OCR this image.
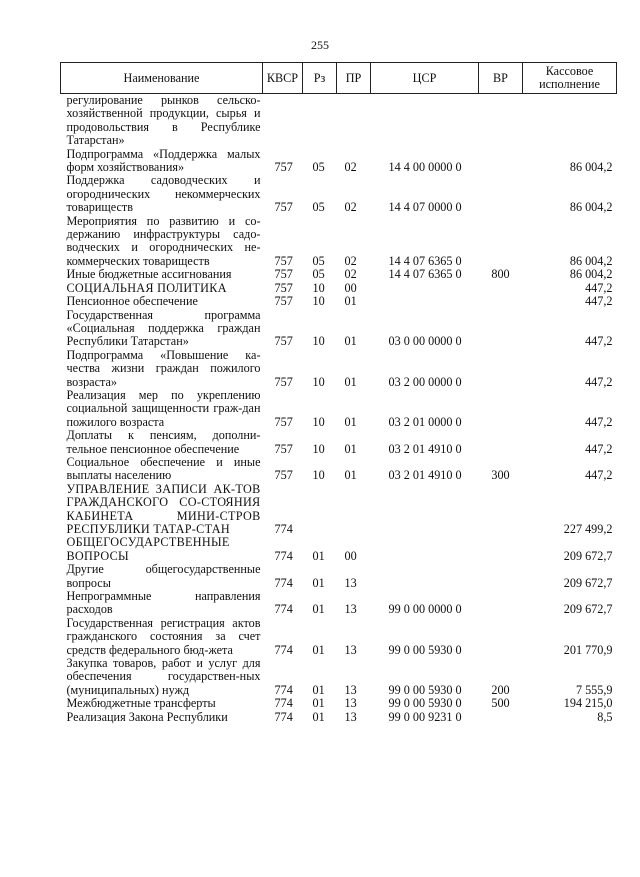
255
Наименование	КВСР	Рз	ПР	ЦСР	ВР	Кассовое исполнение
регулирование рынков сельско-хозяйственной продукции, сырья и продовольствия в Республике Татарстан»						
Подпрограмма «Поддержка малых форм хозяйствования»	757	05	02	14 4 00 0000 0		86 004,2
Поддержка садоводческих и огороднических некоммерческих товариществ	757	05	02	14 4 07 0000 0		86 004,2
Мероприятия по развитию и со-держанию инфраструктуры садо-водческих и огороднических не-коммерческих товариществ	757	05	02	14 4 07 6365 0		86 004,2
Иные бюджетные ассигнования	757	05	02	14 4 07 6365 0	800	86 004,2
СОЦИАЛЬНАЯ ПОЛИТИКА	757	10	00			447,2
Пенсионное обеспечение	757	10	01			447,2
Государственная программа «Социальная поддержка граждан Республики Татарстан»	757	10	01	03 0 00 0000 0		447,2
Подпрограмма «Повышение ка-чества жизни граждан пожилого возраста»	757	10	01	03 2 00 0000 0		447,2
Реализация мер по укреплению социальной защищенности граж-дан пожилого возраста	757	10	01	03 2 01 0000 0		447,2
Доплаты к пенсиям, дополни-тельное пенсионное обеспечение	757	10	01	03 2 01 4910 0		447,2
Социальное обеспечение и иные выплаты населению	757	10	01	03 2 01 4910 0	300	447,2
УПРАВЛЕНИЕ ЗАПИСИ АК-ТОВ ГРАЖДАНСКОГО СО-СТОЯНИЯ КАБИНЕТА МИНИ-СТРОВ РЕСПУБЛИКИ ТАТАР-СТАН	774					227 499,2
ОБЩЕГОСУДАРСТВЕННЫЕ ВОПРОСЫ	774	01	00			209 672,7
Другие общегосударственные вопросы	774	01	13			209 672,7
Непрограммные направления расходов	774	01	13	99 0 00 0000 0		209 672,7
Государственная регистрация актов гражданского состояния за счет средств федерального бюд-жета	774	01	13	99 0 00 5930 0		201 770,9
Закупка товаров, работ и услуг для обеспечения государствен-ных (муниципальных) нужд	774	01	13	99 0 00 5930 0	200	7 555,9
Межбюджетные трансферты	774	01	13	99 0 00 5930 0	500	194 215,0
Реализация Закона Республики	774	01	13	99 0 00 9231 0		8,5
